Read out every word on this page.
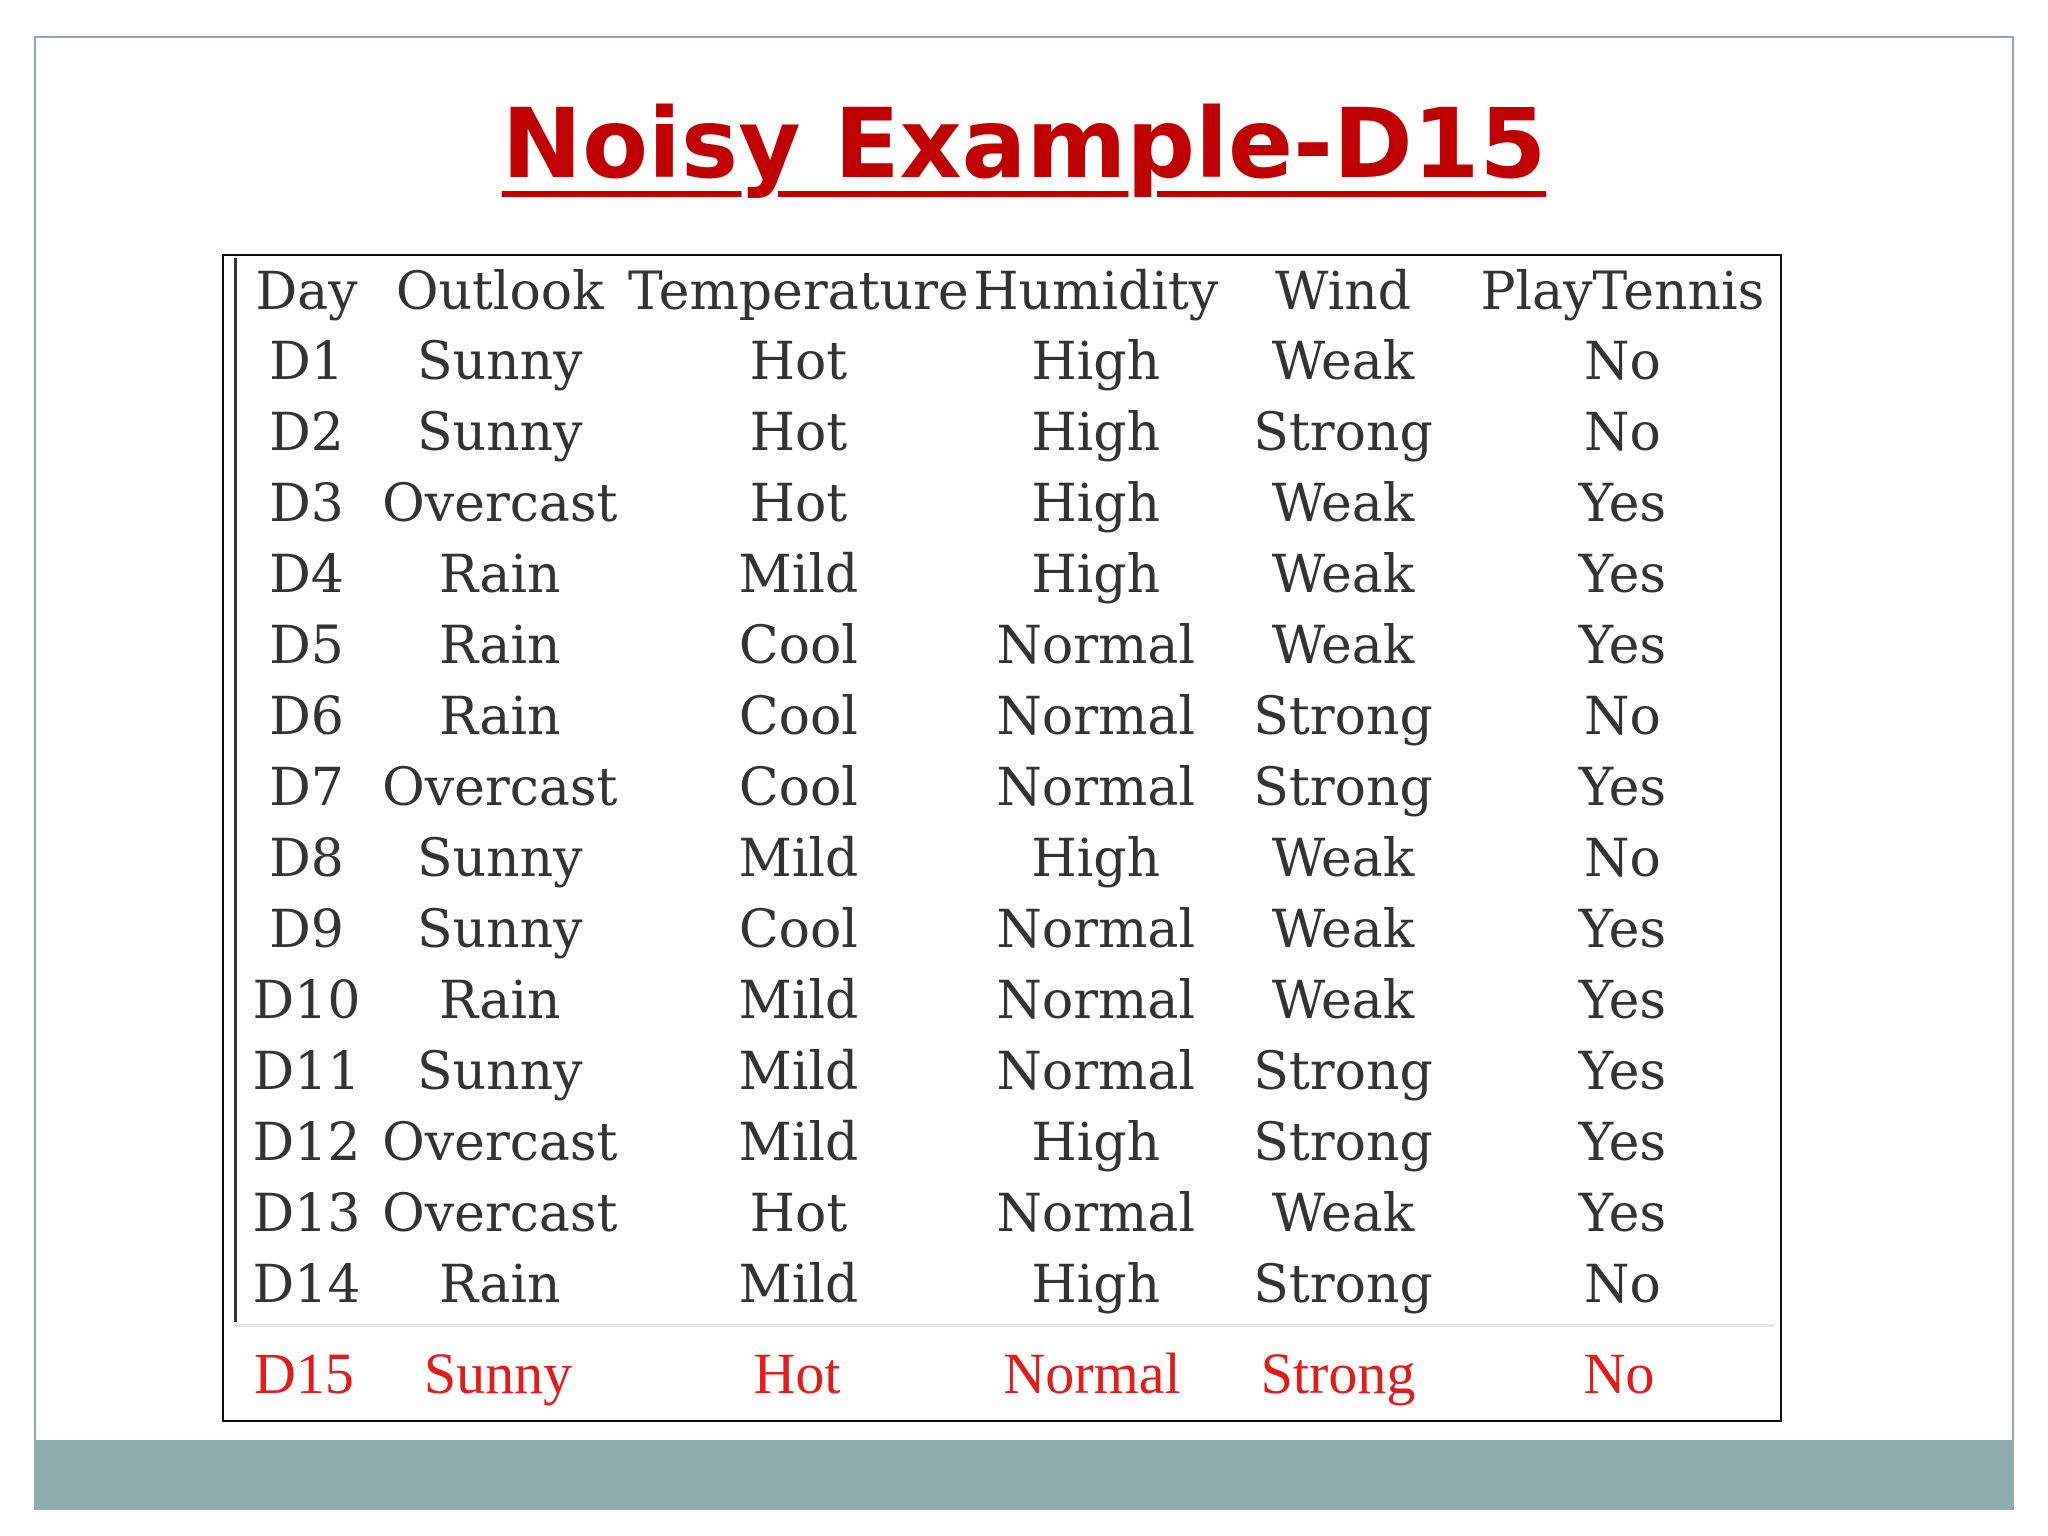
Noisy Example-D15
Day	Outlook	Temperature	Humidity	Wind	PlayTennis
D1	Sunny	Hot	High	Weak	No
D2	Sunny	Hot	High	Strong	No
D3	Overcast	Hot	High	Weak	Yes
D4	Rain	Mild	High	Weak	Yes
D5	Rain	Cool	Normal	Weak	Yes
D6	Rain	Cool	Normal	Strong	No
D7	Overcast	Cool	Normal	Strong	Yes
D8	Sunny	Mild	High	Weak	No
D9	Sunny	Cool	Normal	Weak	Yes
D10	Rain	Mild	Normal	Weak	Yes
D11	Sunny	Mild	Normal	Strong	Yes
D12	Overcast	Mild	High	Strong	Yes
D13	Overcast	Hot	Normal	Weak	Yes
D14	Rain	Mild	High	Strong	No
D15	Sunny	Hot	Normal	Strong	No
